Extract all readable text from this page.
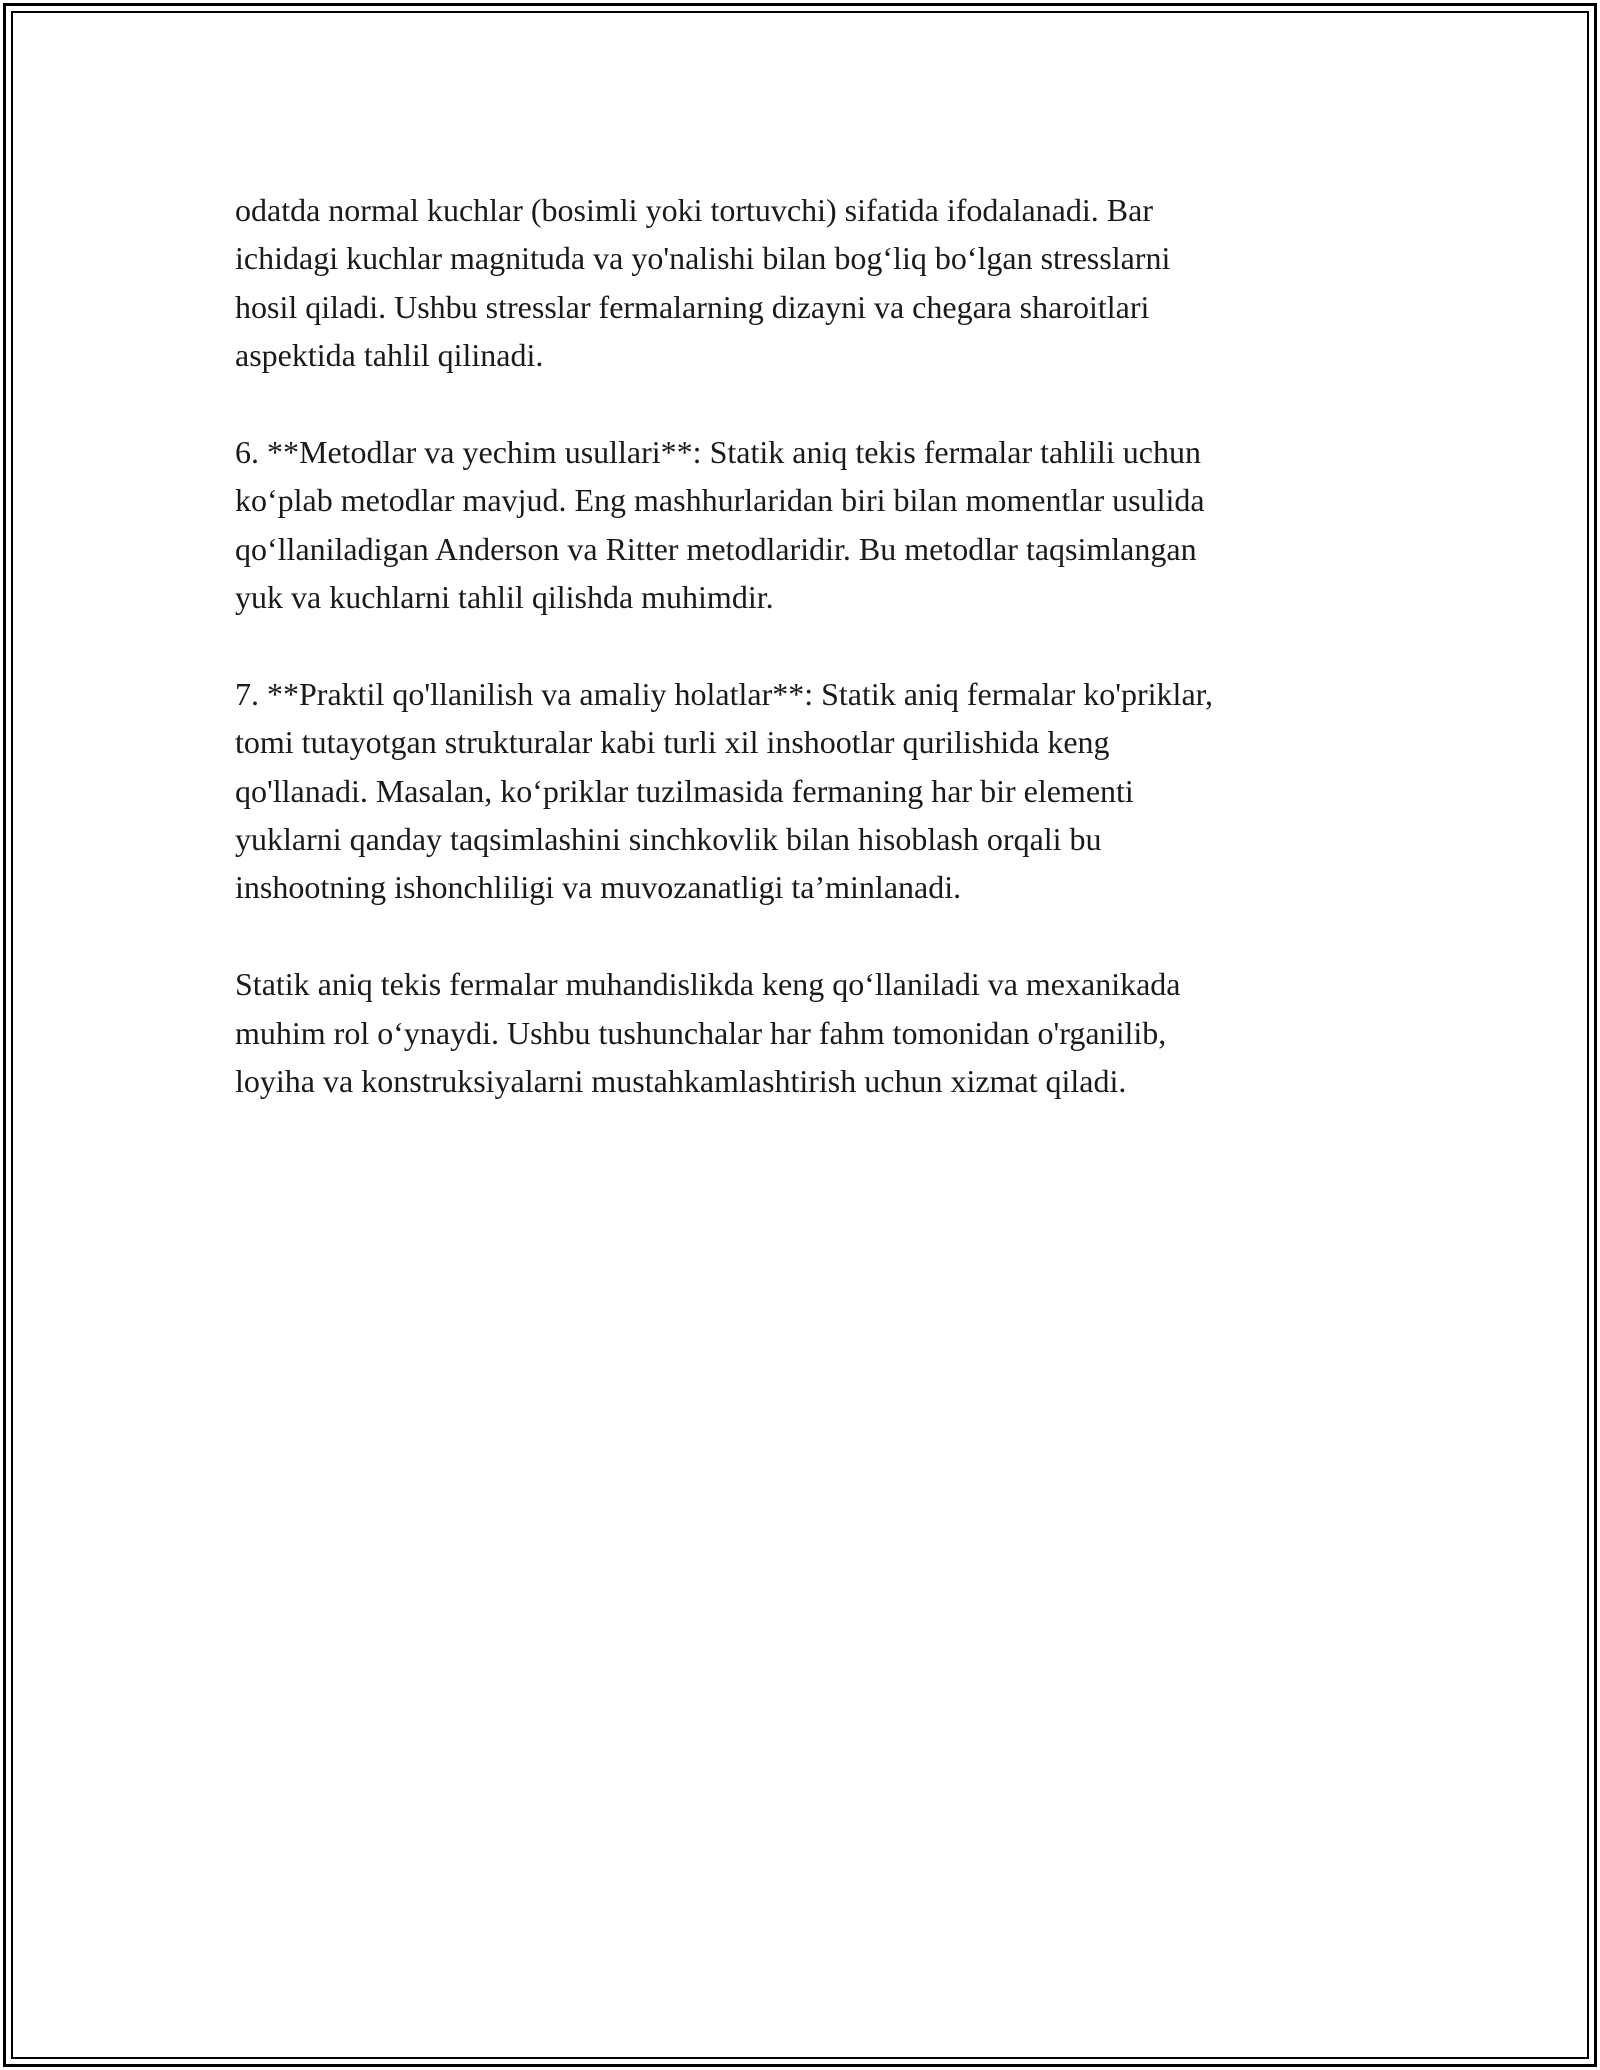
odatda normal kuchlar (bosimli yoki tortuvchi) sifatida ifodalanadi. Bar
ichidagi kuchlar magnituda va yo'nalishi bilan bog‘liq bo‘lgan stresslarni
hosil qiladi. Ushbu stresslar fermalarning dizayni va chegara sharoitlari
aspektida tahlil qilinadi.
6. **Metodlar va yechim usullari**: Statik aniq tekis fermalar tahlili uchun
ko‘plab metodlar mavjud. Eng mashhurlaridan biri bilan momentlar usulida
qo‘llaniladigan Anderson va Ritter metodlaridir. Bu metodlar taqsimlangan
yuk va kuchlarni tahlil qilishda muhimdir.
7. **Praktil qo'llanilish va amaliy holatlar**: Statik aniq fermalar ko'priklar,
tomi tutayotgan strukturalar kabi turli xil inshootlar qurilishida keng
qo'llanadi. Masalan, ko‘priklar tuzilmasida fermaning har bir elementi
yuklarni qanday taqsimlashini sinchkovlik bilan hisoblash orqali bu
inshootning ishonchliligi va muvozanatligi ta’minlanadi.
Statik aniq tekis fermalar muhandislikda keng qo‘llaniladi va mexanikada
muhim rol o‘ynaydi. Ushbu tushunchalar har fahm tomonidan o'rganilib,
loyiha va konstruksiyalarni mustahkamlashtirish uchun xizmat qiladi.
